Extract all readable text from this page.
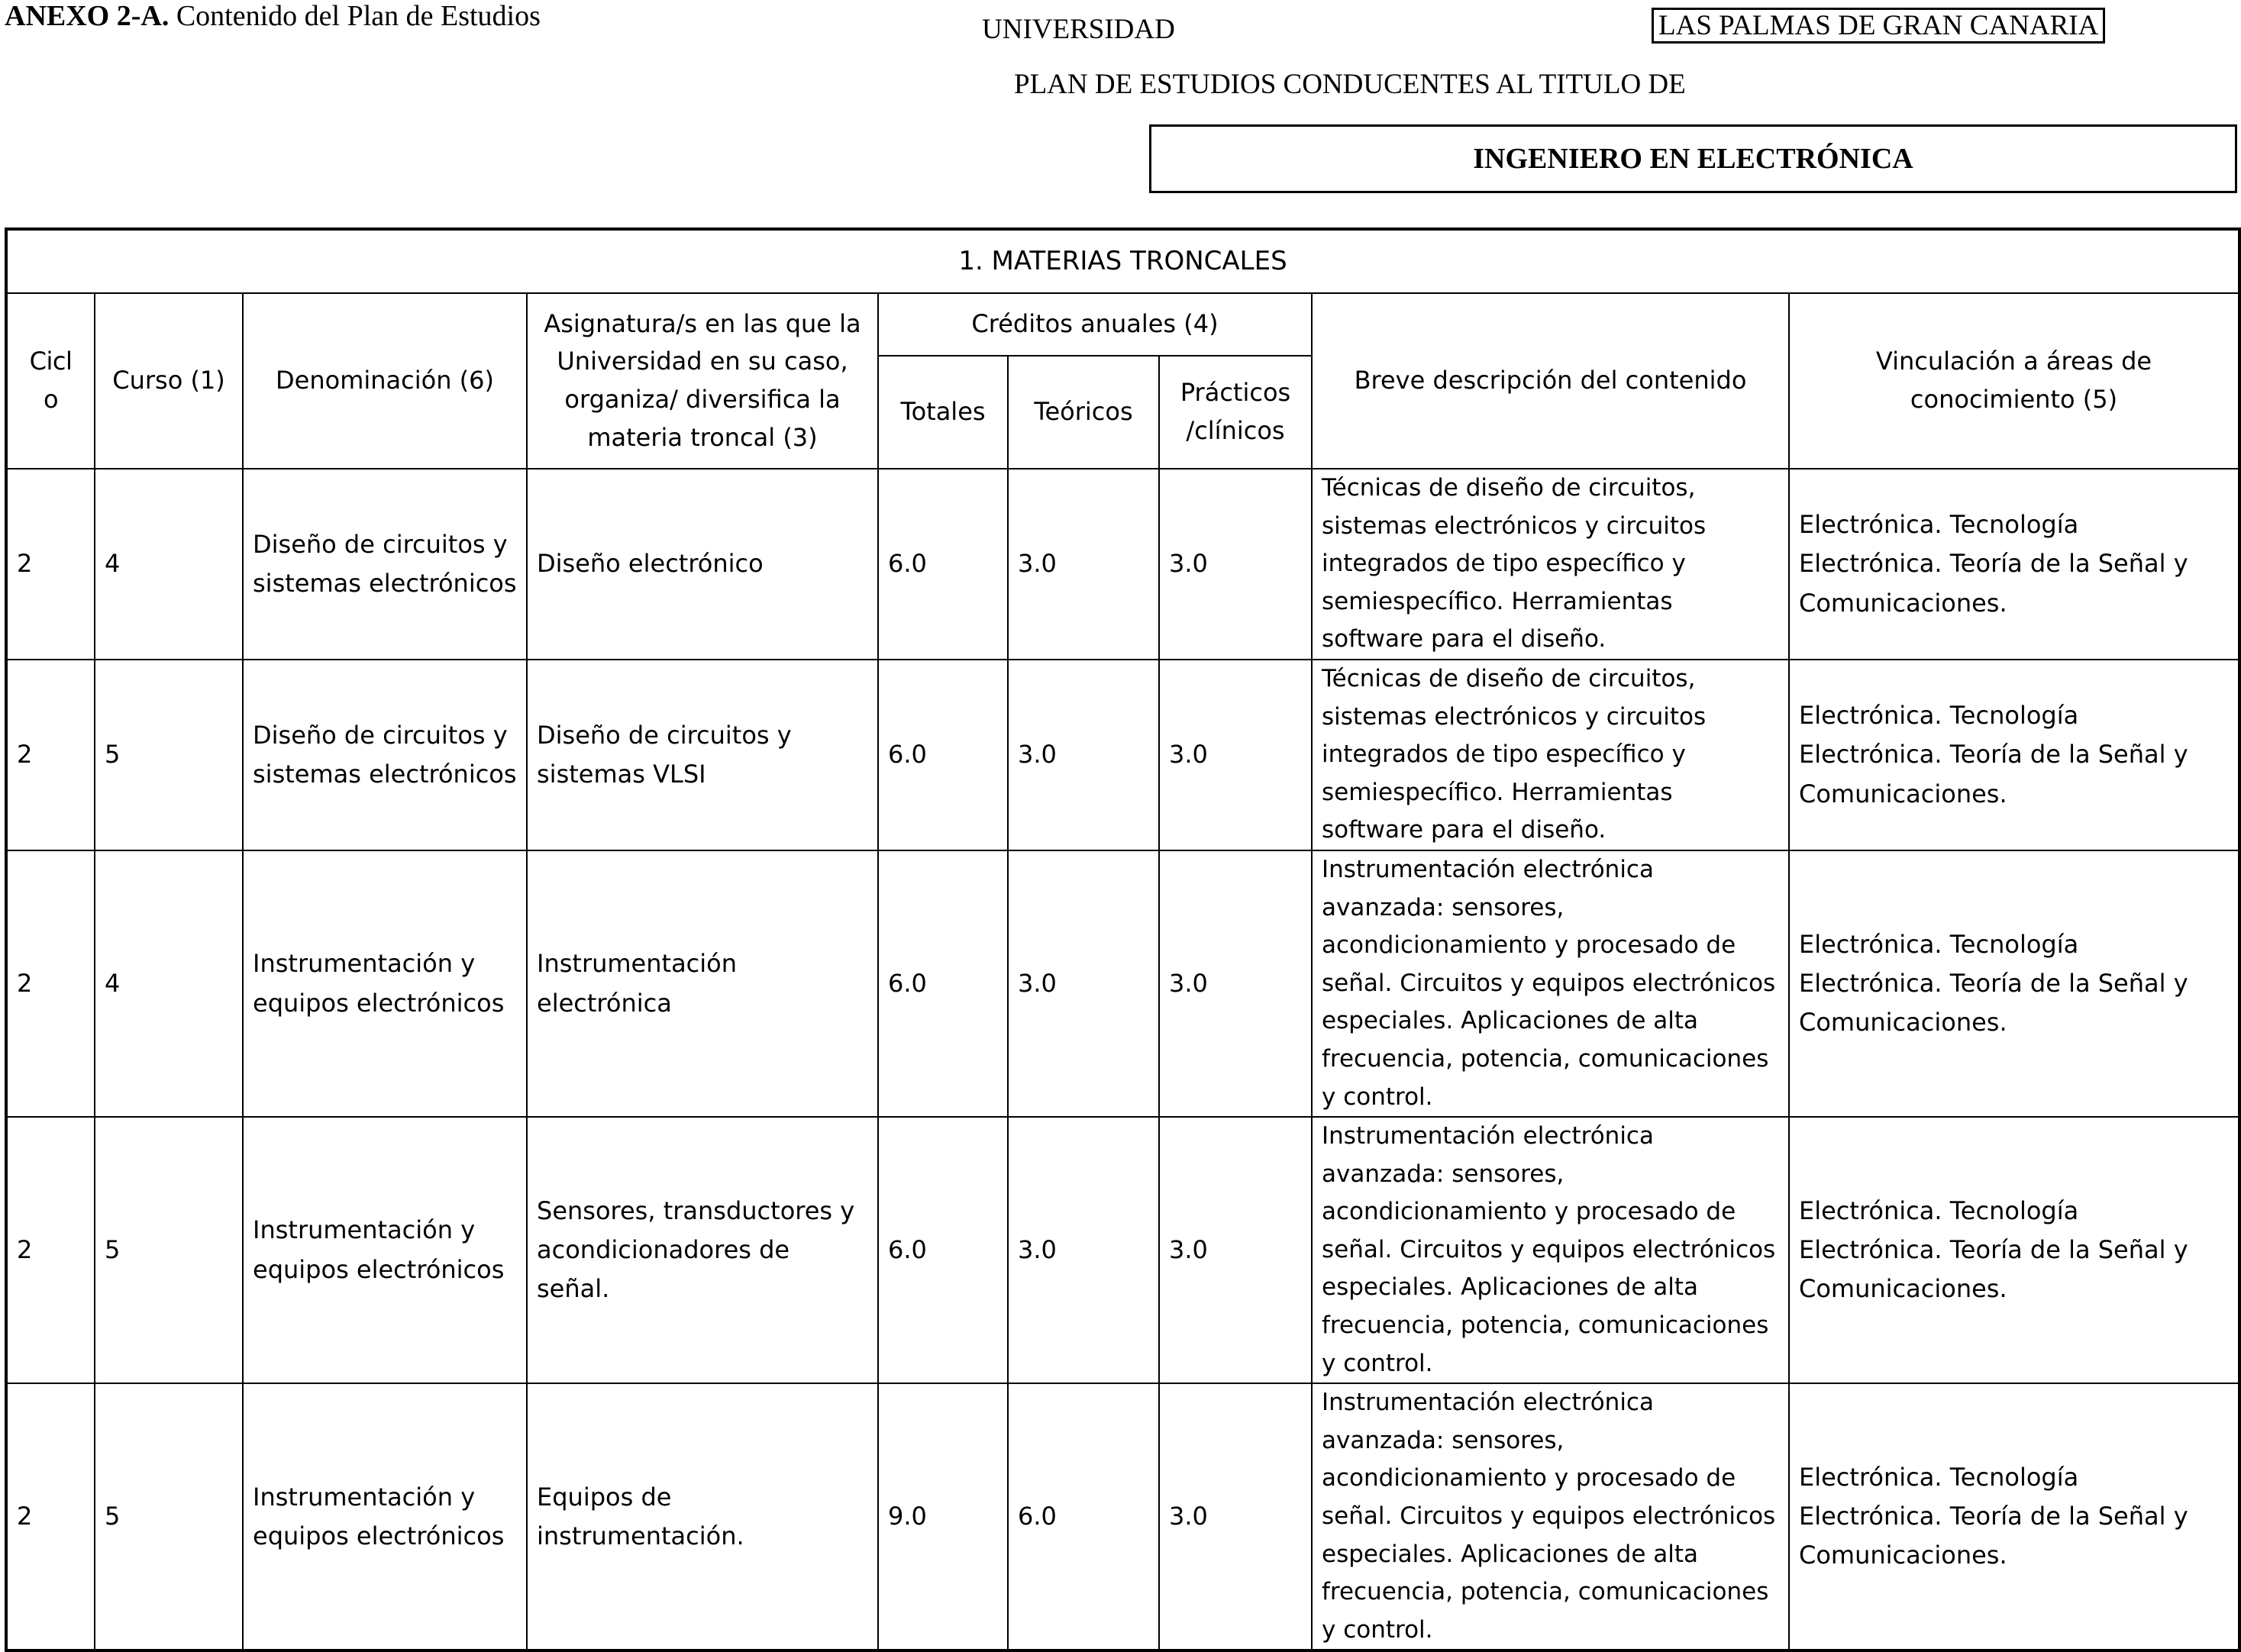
ANEXO 2-A. Contenido del Plan de Estudios	UNIVERSIDAD	LAS PALMAS DE GRAN CANARIA
PLAN DE ESTUDIOS CONDUCENTES AL TITULO DE
INGENIERO EN ELECTRÓNICA
1. MATERIAS TRONCALES								
Ciclo	Curso (1)	Denominación (6)	Asignatura/s en las que la Universidad en su caso, organiza/ diversifica la materia troncal (3)	Créditos anuales (4)			Breve descripción del contenido	Vinculación a áreas de conocimiento (5)
				Totales	Teóricos	Prácticos /clínicos		
2	4	Diseño de circuitos y sistemas electrónicos	Diseño electrónico	6.0	3.0	3.0	Técnicas de diseño de circuitos, sistemas electrónicos y circuitos integrados de tipo específico y semiespecífico. Herramientas software para el diseño.	Electrónica. Tecnología Electrónica. Teoría de la Señal y Comunicaciones.
2	5	Diseño de circuitos y sistemas electrónicos	Diseño de circuitos y sistemas VLSI	6.0	3.0	3.0	Técnicas de diseño de circuitos, sistemas electrónicos y circuitos integrados de tipo específico y semiespecífico. Herramientas software para el diseño.	Electrónica. Tecnología Electrónica. Teoría de la Señal y Comunicaciones.
2	4	Instrumentación y equipos electrónicos	Instrumentación electrónica	6.0	3.0	3.0	Instrumentación electrónica avanzada: sensores, acondicionamiento y procesado de señal. Circuitos y equipos electrónicos especiales. Aplicaciones de alta frecuencia, potencia, comunicaciones y control.	Electrónica. Tecnología Electrónica. Teoría de la Señal y Comunicaciones.
2	5	Instrumentación y equipos electrónicos	Sensores, transductores y acondicionadores de señal.	6.0	3.0	3.0	Instrumentación electrónica avanzada: sensores, acondicionamiento y procesado de señal. Circuitos y equipos electrónicos especiales. Aplicaciones de alta frecuencia, potencia, comunicaciones y control.	Electrónica. Tecnología Electrónica. Teoría de la Señal y Comunicaciones.
2	5	Instrumentación y equipos electrónicos	Equipos de instrumentación.	9.0	6.0	3.0	Instrumentación electrónica avanzada: sensores, acondicionamiento y procesado de señal. Circuitos y equipos electrónicos especiales. Aplicaciones de alta frecuencia, potencia, comunicaciones y control.	Electrónica. Tecnología Electrónica. Teoría de la Señal y Comunicaciones.
